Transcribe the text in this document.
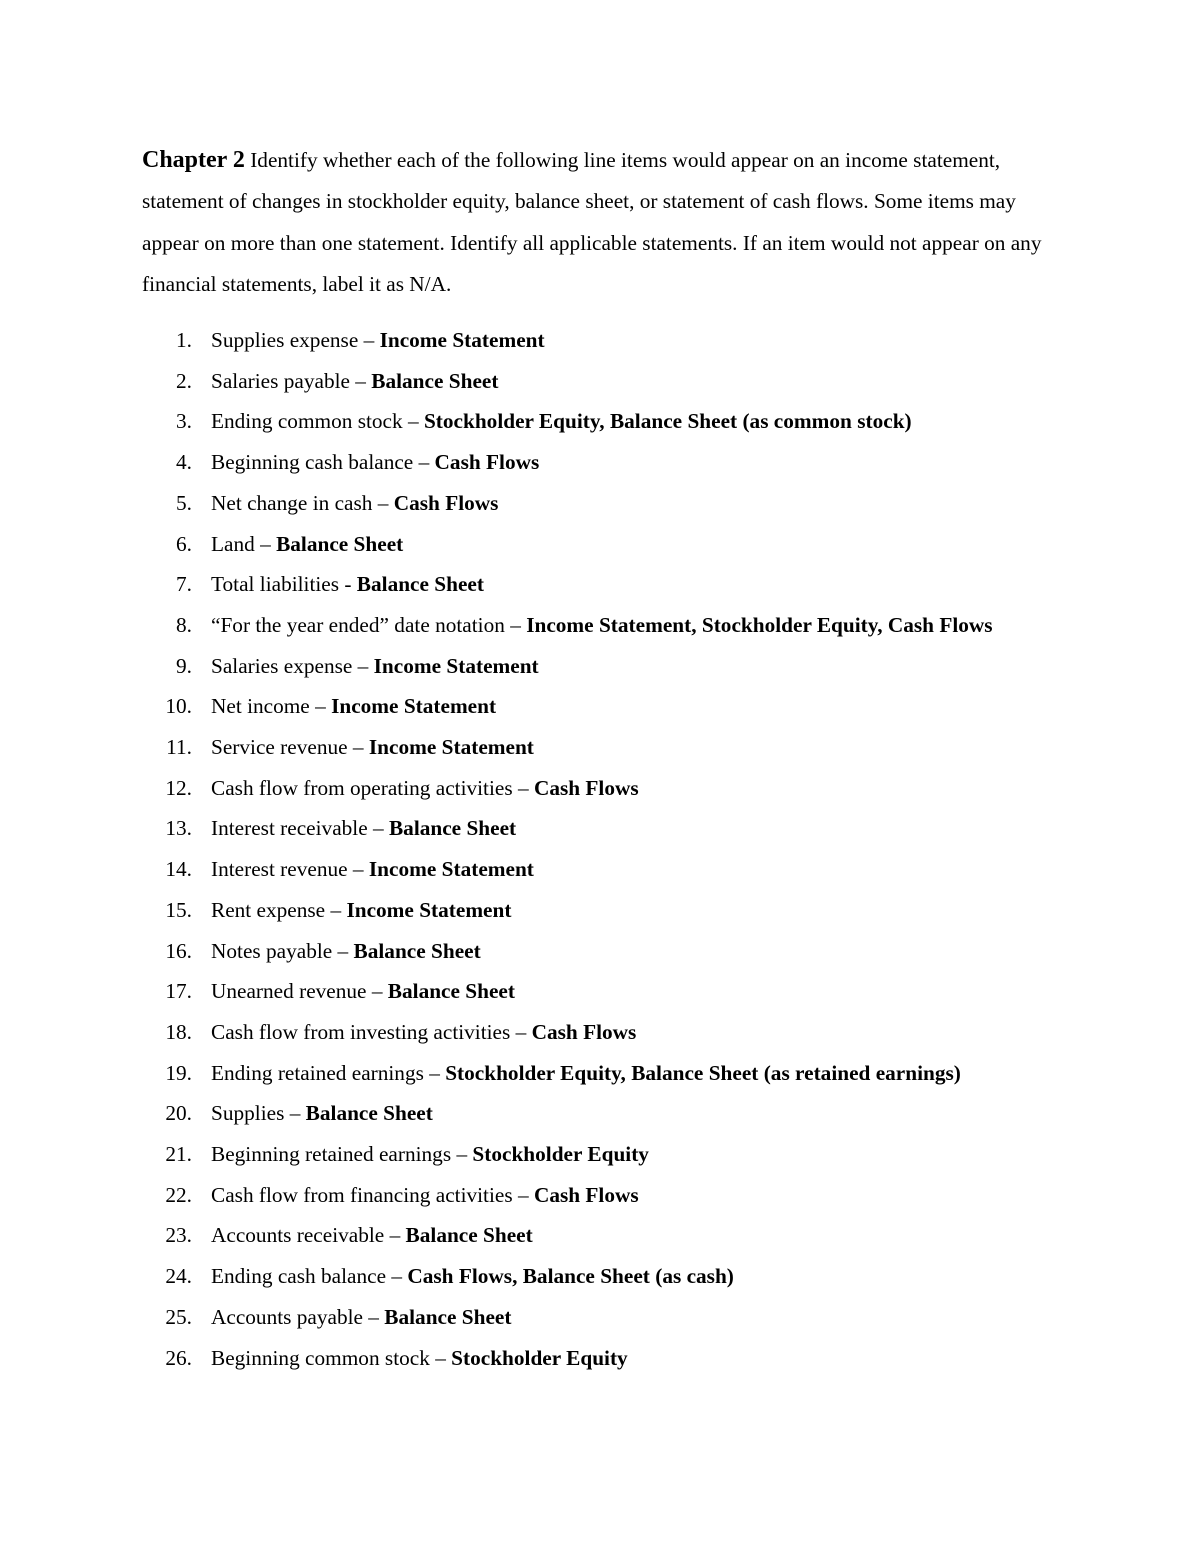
Chapter 2 Identify whether each of the following line items would appear on an income statement, statement of changes in stockholder equity, balance sheet, or statement of cash flows. Some items may appear on more than one statement. Identify all applicable statements. If an item would not appear on any financial statements, label it as N/A.

1. Supplies expense – Income Statement
2. Salaries payable – Balance Sheet
3. Ending common stock – Stockholder Equity, Balance Sheet (as common stock)
4. Beginning cash balance – Cash Flows
5. Net change in cash – Cash Flows
6. Land – Balance Sheet
7. Total liabilities - Balance Sheet
8. “For the year ended” date notation – Income Statement, Stockholder Equity, Cash Flows
9. Salaries expense – Income Statement
10. Net income – Income Statement
11. Service revenue – Income Statement
12. Cash flow from operating activities – Cash Flows
13. Interest receivable – Balance Sheet
14. Interest revenue – Income Statement
15. Rent expense – Income Statement
16. Notes payable – Balance Sheet
17. Unearned revenue – Balance Sheet
18. Cash flow from investing activities – Cash Flows
19. Ending retained earnings – Stockholder Equity, Balance Sheet (as retained earnings)
20. Supplies – Balance Sheet
21. Beginning retained earnings – Stockholder Equity
22. Cash flow from financing activities – Cash Flows
23. Accounts receivable – Balance Sheet
24. Ending cash balance – Cash Flows, Balance Sheet (as cash)
25. Accounts payable – Balance Sheet
26. Beginning common stock – Stockholder Equity
